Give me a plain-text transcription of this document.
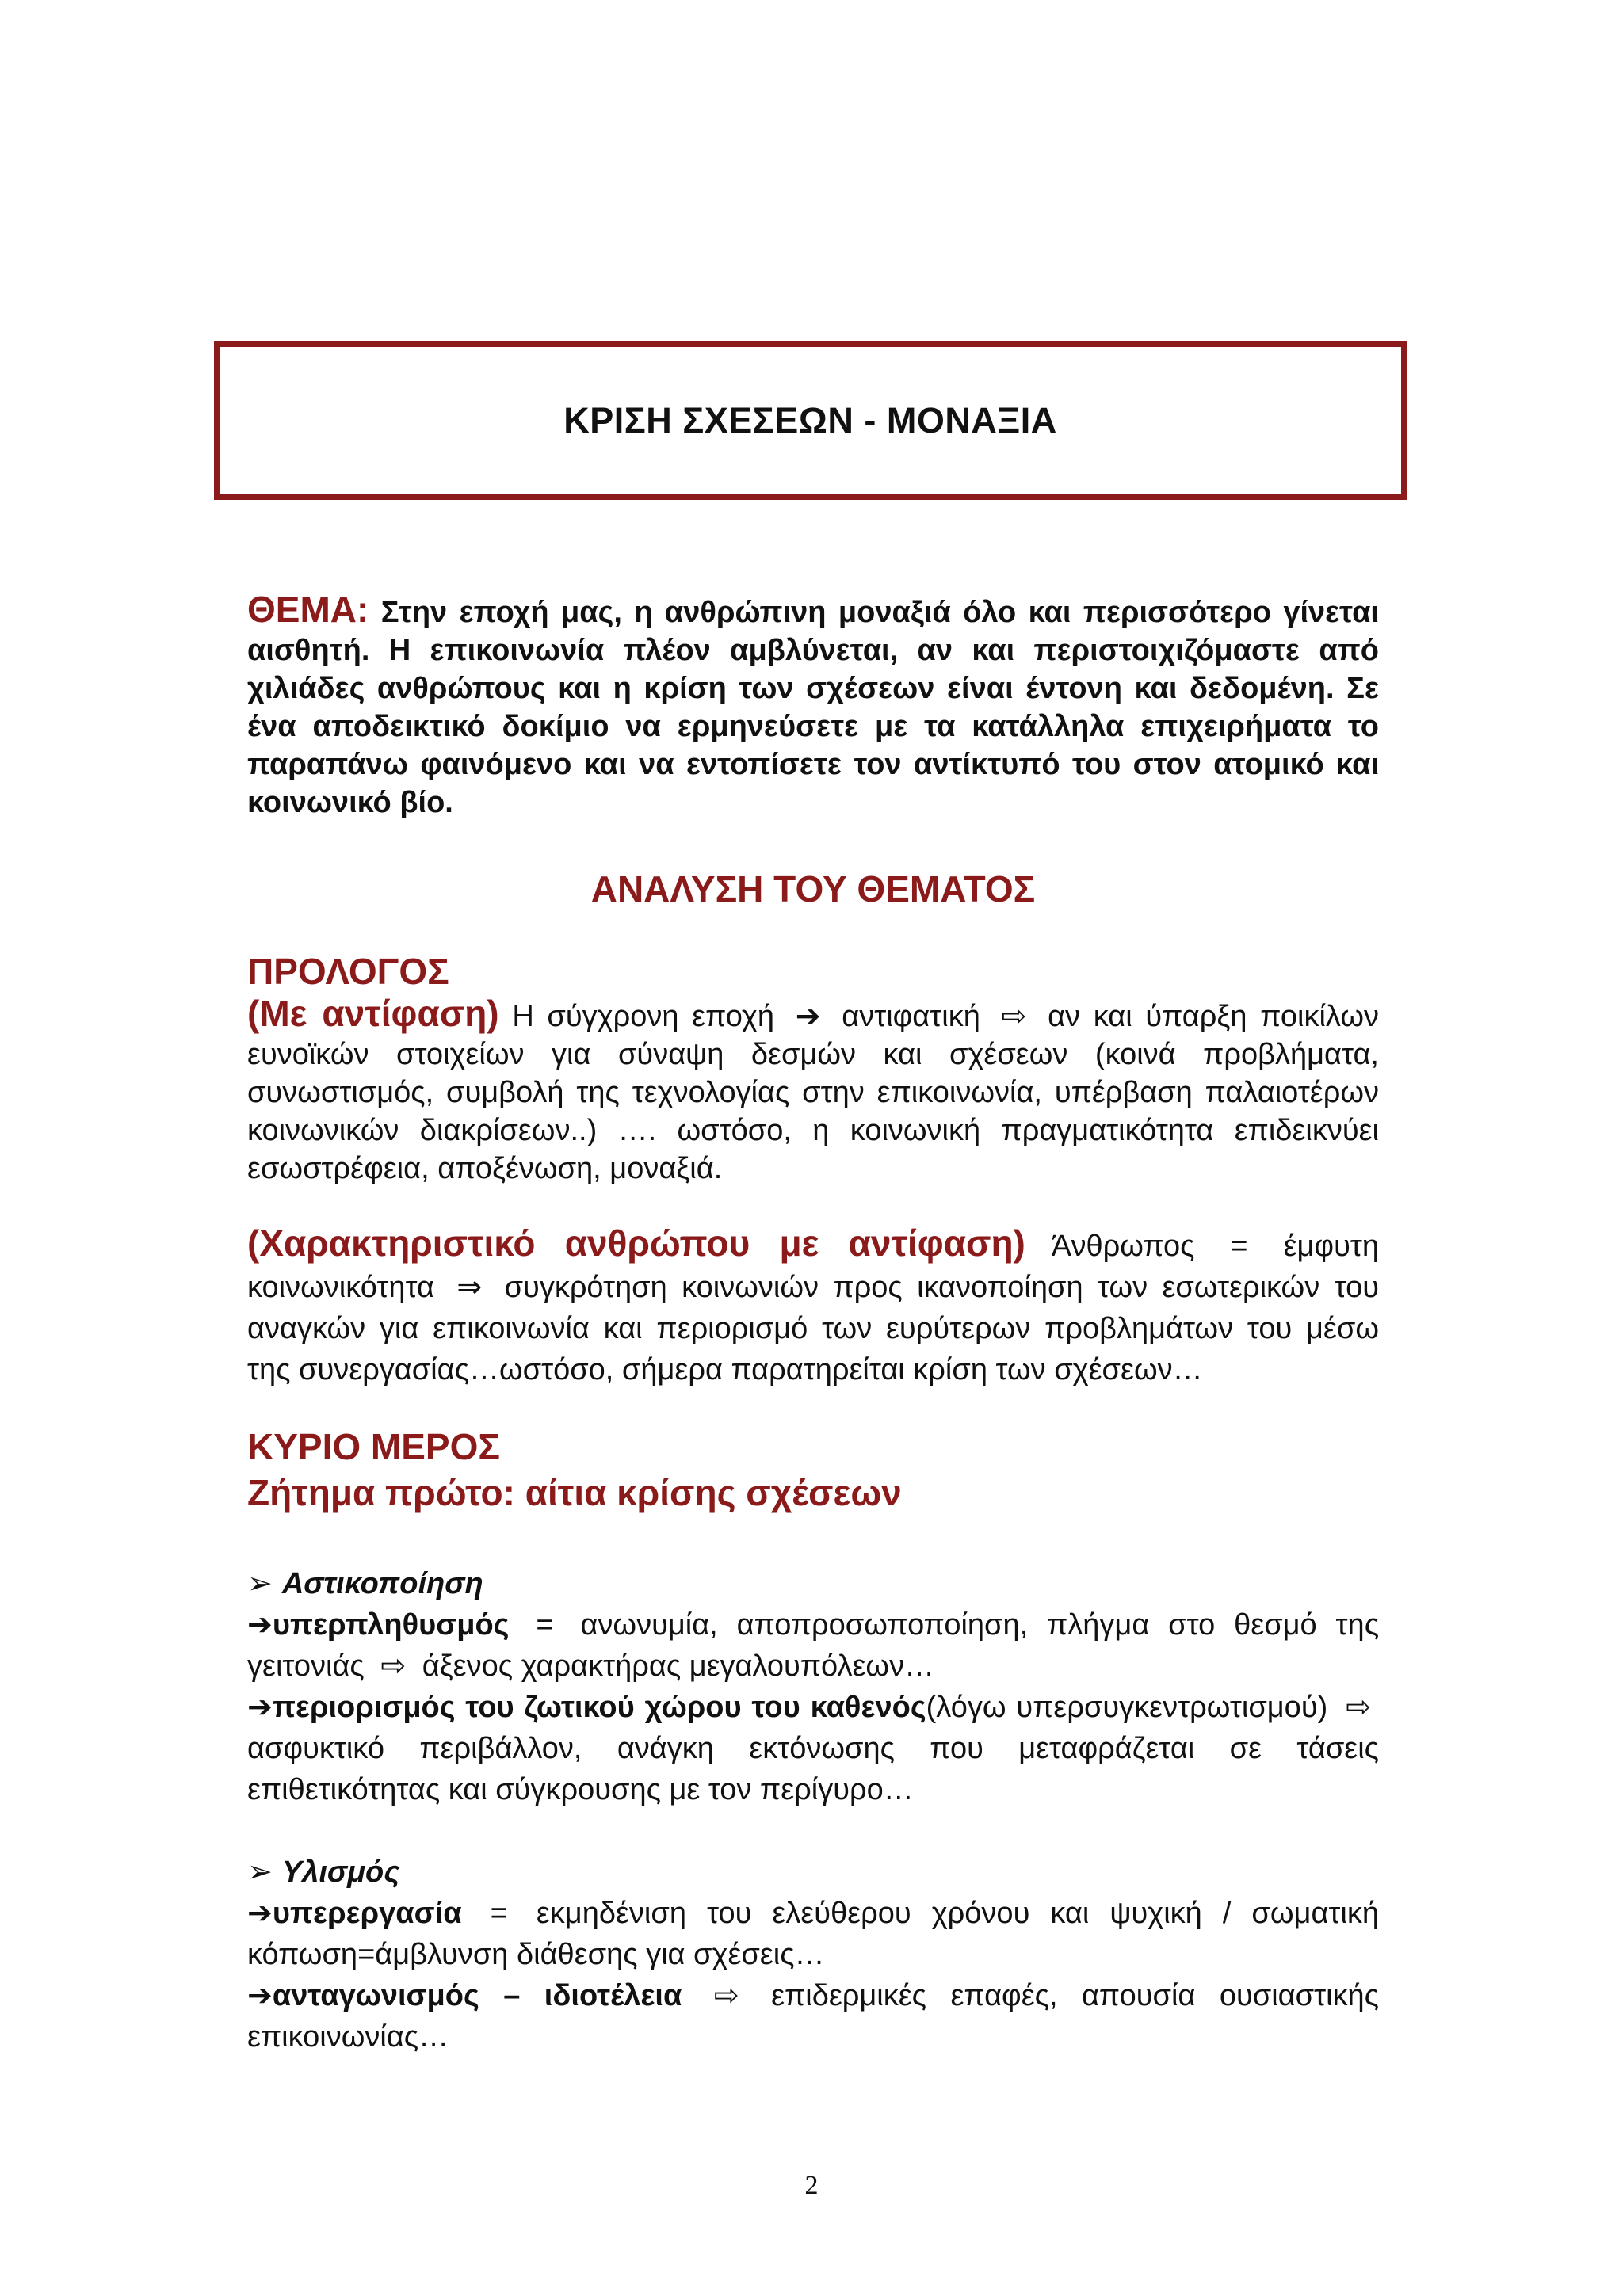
ΚΡΙΣΗ ΣΧΕΣΕΩΝ - ΜΟΝΑΞΙΑ

ΘΕΜΑ: Στην εποχή μας, η ανθρώπινη μοναξιά όλο και περισσότερο γίνεται αισθητή. Η επικοινωνία πλέον αμβλύνεται, αν και περιστοιχιζόμαστε από χιλιάδες ανθρώπους και η κρίση των σχέσεων είναι έντονη και δεδομένη. Σε ένα αποδεικτικό δοκίμιο να ερμηνεύσετε με τα κατάλληλα επιχειρήματα το παραπάνω φαινόμενο και να εντοπίσετε τον αντίκτυπό του στον ατομικό και κοινωνικό βίο.

ΑΝΑΛΥΣΗ ΤΟΥ ΘΕΜΑΤΟΣ
ΠΡΟΛΟΓΟΣ

(Με αντίφαση) Η σύγχρονη εποχή ➔ αντιφατική ⇨ αν και ύπαρξη ποικίλων ευνοϊκών στοιχείων για σύναψη δεσμών και σχέσεων (κοινά προβλήματα, συνωστισμός, συμβολή της τεχνολογίας στην επικοινωνία, υπέρβαση παλαιοτέρων κοινωνικών διακρίσεων..) …. ωστόσο, η κοινωνική πραγματικότητα επιδεικνύει εσωστρέφεια, αποξένωση, μοναξιά.

(Χαρακτηριστικό ανθρώπου με αντίφαση) Άνθρωπος = έμφυτη κοινωνικότητα ⇒ συγκρότηση κοινωνιών προς ικανοποίηση των εσωτερικών του αναγκών για επικοινωνία και περιορισμό των ευρύτερων προβλημάτων του μέσω της συνεργασίας…ωστόσο, σήμερα παρατηρείται κρίση των σχέσεων…

ΚΥΡΙΟ ΜΕΡΟΣ
Ζήτημα πρώτο: αίτια κρίσης σχέσεων

➢ Αστικοποίηση

➔υπερπληθυσμός = ανωνυμία, αποπροσωποποίηση, πλήγμα στο θεσμό της γειτονιάς ⇨ άξενος χαρακτήρας μεγαλουπόλεων…

➔περιορισμός του ζωτικού χώρου του καθενός(λόγω υπερσυγκεντρωτισμού) ⇨ ασφυκτικό περιβάλλον, ανάγκη εκτόνωσης που μεταφράζεται σε τάσεις επιθετικότητας και σύγκρουσης με τον περίγυρο…

➢ Υλισμός

➔υπερεργασία = εκμηδένιση του ελεύθερου χρόνου και ψυχική / σωματική κόπωση=άμβλυνση διάθεσης για σχέσεις…

➔ανταγωνισμός – ιδιοτέλεια ⇨ επιδερμικές επαφές, απουσία ουσιαστικής επικοινωνίας…

2
